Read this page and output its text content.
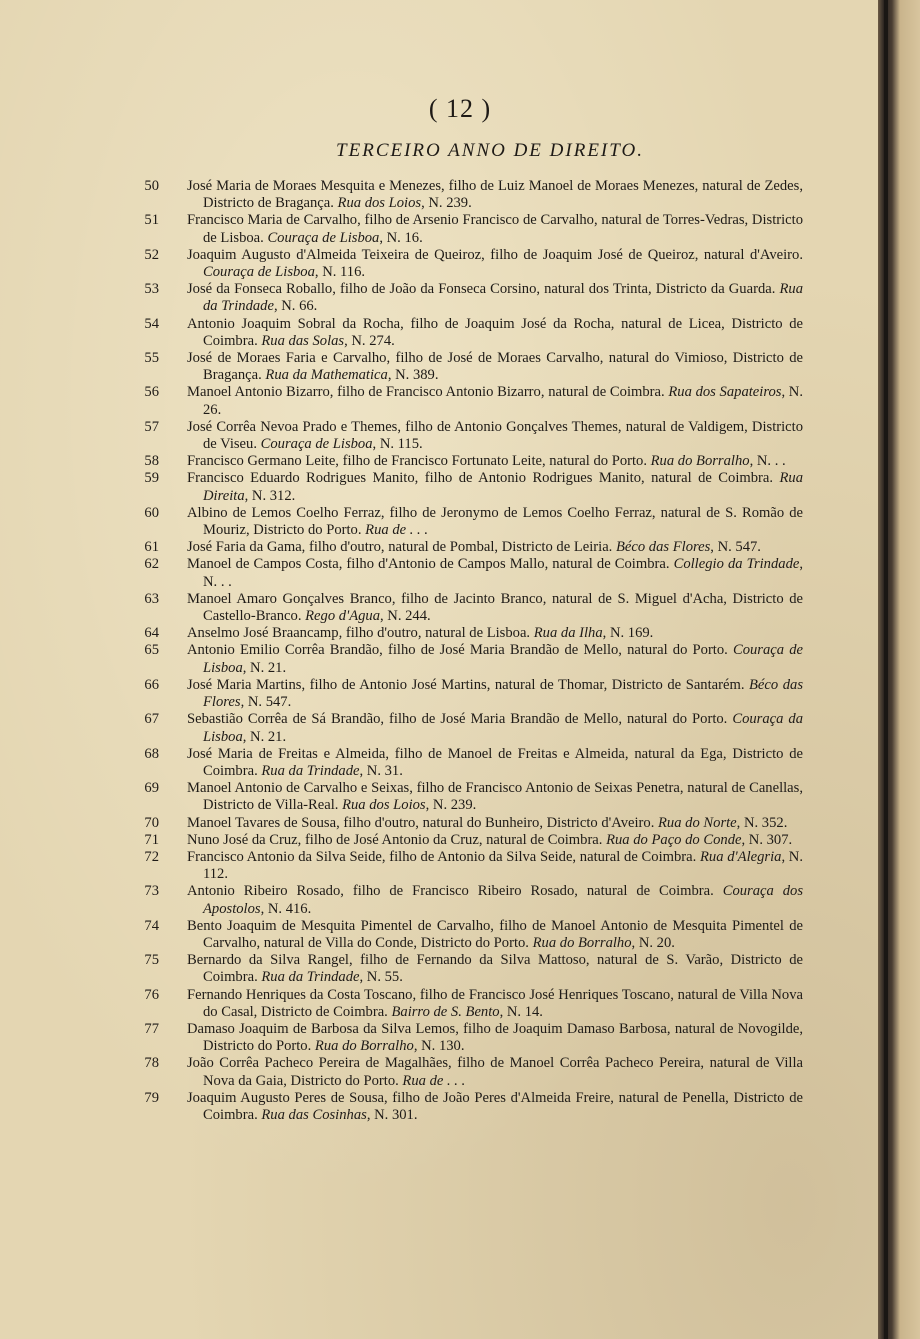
( 12 )
TERCEIRO ANNO DE DIREITO.
50	José Maria de Moraes Mesquita e Menezes, filho de Luiz Manoel de Moraes Menezes, natural de Zedes, Districto de Bragança. Rua dos Loios, N. 239.
51	Francisco Maria de Carvalho, filho de Arsenio Francisco de Carvalho, natural de Torres-Vedras, Districto de Lisboa. Couraça de Lisboa, N. 16.
52	Joaquim Augusto d'Almeida Teixeira de Queiroz, filho de Joaquim José de Queiroz, natural d'Aveiro. Couraça de Lisboa, N. 116.
53	José da Fonseca Roballo, filho de João da Fonseca Corsino, natural dos Trinta, Districto da Guarda. Rua da Trindade, N. 66.
54	Antonio Joaquim Sobral da Rocha, filho de Joaquim José da Rocha, natural de Licea, Districto de Coimbra. Rua das Solas, N. 274.
55	José de Moraes Faria e Carvalho, filho de José de Moraes Carvalho, natural do Vimioso, Districto de Bragança. Rua da Mathematica, N. 389.
56	Manoel Antonio Bizarro, filho de Francisco Antonio Bizarro, natural de Coimbra. Rua dos Sapateiros, N. 26.
57	José Corrêa Nevoa Prado e Themes, filho de Antonio Gonçalves Themes, natural de Valdigem, Districto de Viseu. Couraça de Lisboa, N. 115.
58	Francisco Germano Leite, filho de Francisco Fortunato Leite, natural do Porto. Rua do Borralho, N. . .
59	Francisco Eduardo Rodrigues Manito, filho de Antonio Rodrigues Manito, natural de Coimbra. Rua Direita, N. 312.
60	Albino de Lemos Coelho Ferraz, filho de Jeronymo de Lemos Coelho Ferraz, natural de S. Romão de Mouriz, Districto do Porto. Rua de . . .
61	José Faria da Gama, filho d'outro, natural de Pombal, Districto de Leiria. Béco das Flores, N. 547.
62	Manoel de Campos Costa, filho d'Antonio de Campos Mallo, natural de Coimbra. Collegio da Trindade, N. . .
63	Manoel Amaro Gonçalves Branco, filho de Jacinto Branco, natural de S. Miguel d'Acha, Districto de Castello-Branco. Rego d'Agua, N. 244.
64	Anselmo José Braancamp, filho d'outro, natural de Lisboa. Rua da Ilha, N. 169.
65	Antonio Emilio Corrêa Brandão, filho de José Maria Brandão de Mello, natural do Porto. Couraça de Lisboa, N. 21.
66	José Maria Martins, filho de Antonio José Martins, natural de Thomar, Districto de Santarém. Béco das Flores, N. 547.
67	Sebastião Corrêa de Sá Brandão, filho de José Maria Brandão de Mello, natural do Porto. Couraça da Lisboa, N. 21.
68	José Maria de Freitas e Almeida, filho de Manoel de Freitas e Almeida, natural da Ega, Districto de Coimbra. Rua da Trindade, N. 31.
69	Manoel Antonio de Carvalho e Seixas, filho de Francisco Antonio de Seixas Penetra, natural de Canellas, Districto de Villa-Real. Rua dos Loios, N. 239.
70	Manoel Tavares de Sousa, filho d'outro, natural do Bunheiro, Districto d'Aveiro. Rua do Norte, N. 352.
71	Nuno José da Cruz, filho de José Antonio da Cruz, natural de Coimbra. Rua do Paço do Conde, N. 307.
72	Francisco Antonio da Silva Seide, filho de Antonio da Silva Seide, natural de Coimbra. Rua d'Alegria, N. 112.
73	Antonio Ribeiro Rosado, filho de Francisco Ribeiro Rosado, natural de Coimbra. Couraça dos Apostolos, N. 416.
74	Bento Joaquim de Mesquita Pimentel de Carvalho, filho de Manoel Antonio de Mesquita Pimentel de Carvalho, natural de Villa do Conde, Districto do Porto. Rua do Borralho, N. 20.
75	Bernardo da Silva Rangel, filho de Fernando da Silva Mattoso, natural de S. Varão, Districto de Coimbra. Rua da Trindade, N. 55.
76	Fernando Henriques da Costa Toscano, filho de Francisco José Henriques Toscano, natural de Villa Nova do Casal, Districto de Coimbra. Bairro de S. Bento, N. 14.
77	Damaso Joaquim de Barbosa da Silva Lemos, filho de Joaquim Damaso Barbosa, natural de Novogilde, Districto do Porto. Rua do Borralho, N. 130.
78	João Corrêa Pacheco Pereira de Magalhães, filho de Manoel Corrêa Pacheco Pereira, natural de Villa Nova da Gaia, Districto do Porto. Rua de . . .
79	Joaquim Augusto Peres de Sousa, filho de João Peres d'Almeida Freire, natural de Penella, Districto de Coimbra. Rua das Cosinhas, N. 301.
